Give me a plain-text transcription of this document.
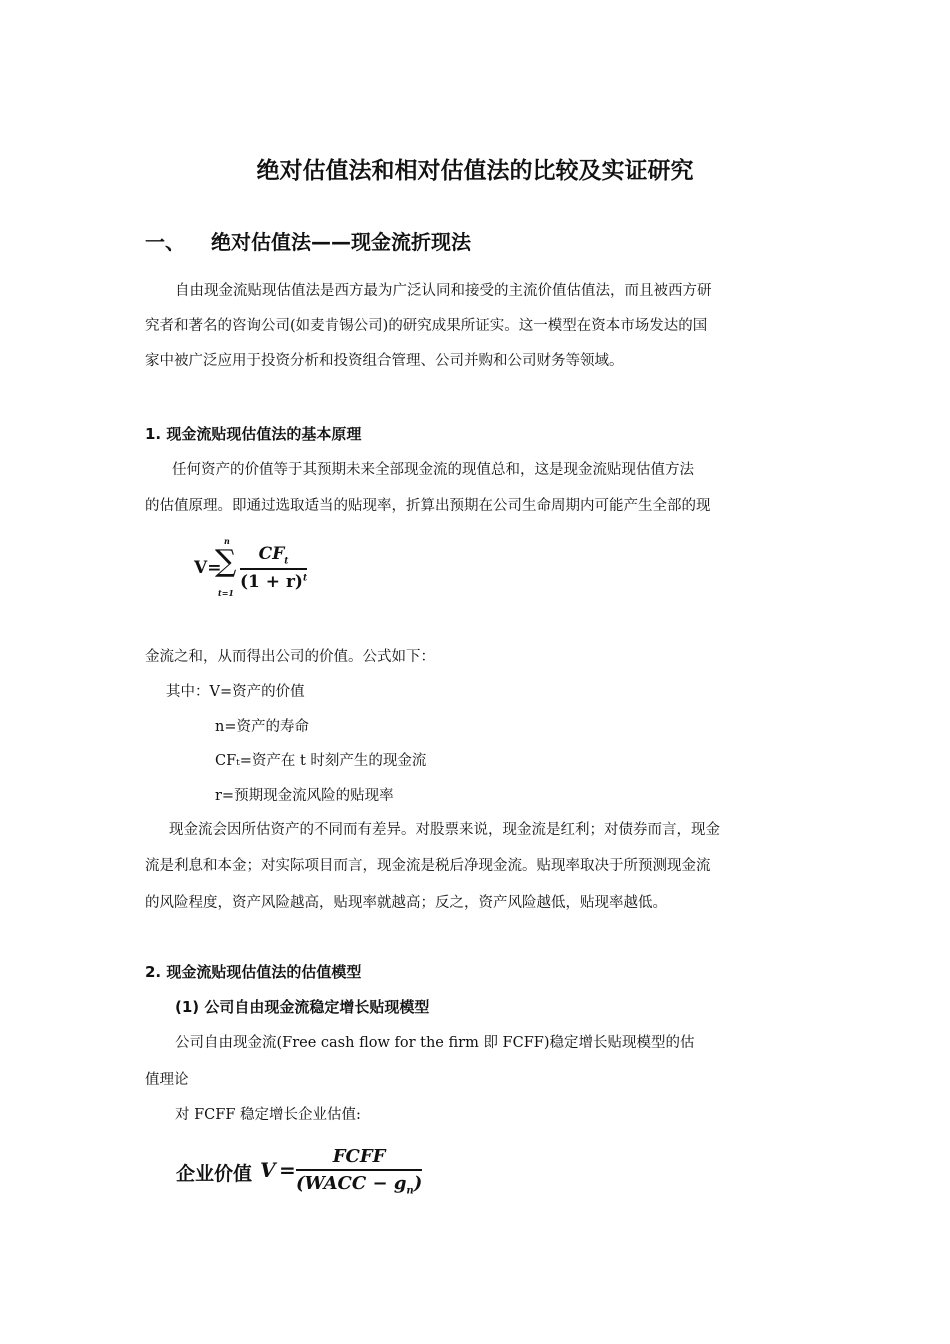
绝对估值法和相对估值法的比较及实证研究
一、 绝对估值法——现金流折现法
自由现金流贴现估值法是西方最为广泛认同和接受的主流价值估值法，而且被西方研
究者和著名的咨询公司(如麦肯锡公司)的研究成果所证实。这一模型在资本市场发达的国
家中被广泛应用于投资分析和投资组合管理、公司并购和公司财务等领域。
1. 现金流贴现估值法的基本原理
任何资产的价值等于其预期未来全部现金流的现值总和，这是现金流贴现估值方法
的估值原理。即通过选取适当的贴现率，折算出预期在公司生命周期内可能产生全部的现
V=
n
∑
t=1
$CF_t$
$(1 + r)^t$
金流之和，从而得出公司的价值。公式如下：
其中：V=资产的价值
n=资产的寿命
CFₜ=资产在 t 时刻产生的现金流
r=预期现金流风险的贴现率
现金流会因所估资产的不同而有差异。对股票来说，现金流是红利；对债券而言，现金
流是利息和本金；对实际项目而言，现金流是税后净现金流。贴现率取决于所预测现金流
的风险程度，资产风险越高，贴现率就越高；反之，资产风险越低，贴现率越低。
2. 现金流贴现估值法的估值模型
(1) 公司自由现金流稳定增长贴现模型
公司自由现金流(Free cash flow for the firm 即 FCFF)稳定增长贴现模型的估
值理论
对 FCFF 稳定增长企业估值:
企业价值 V =
FCFF
(WACC − $g_n$)
